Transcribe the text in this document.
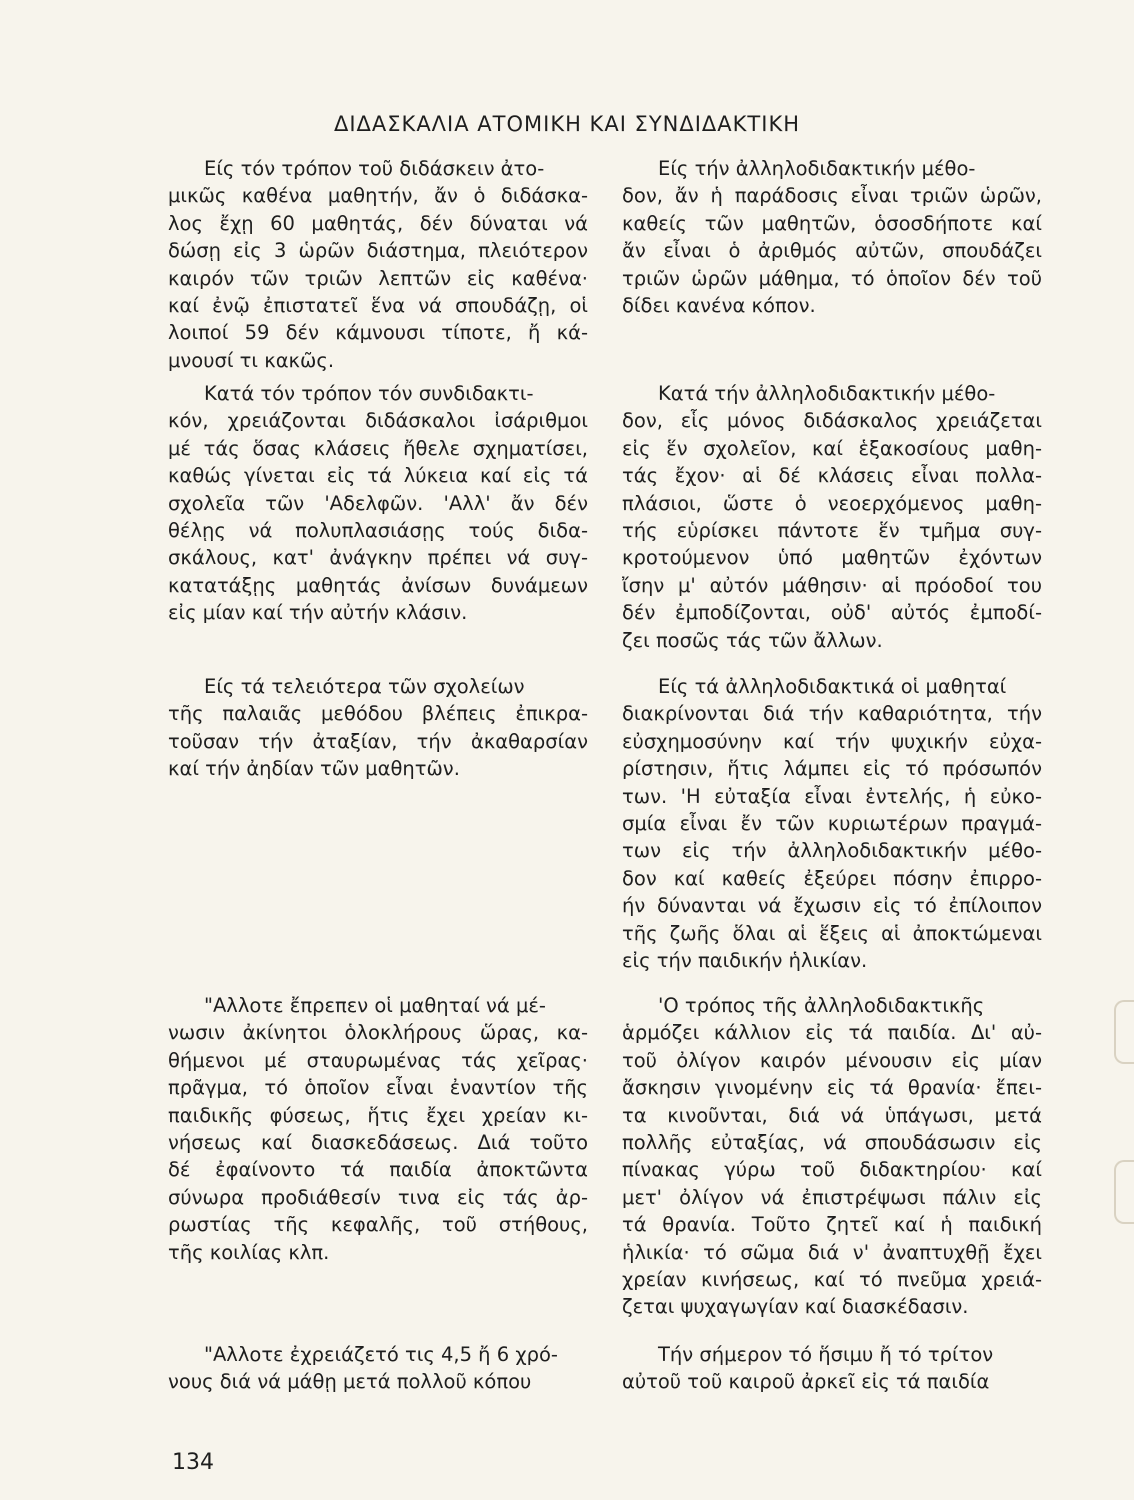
ΔΙΔΑΣΚΑΛΙΑ ΑΤΟΜΙΚΗ ΚΑΙ ΣΥΝΔΙΔΑΚΤΙΚΗ
Είς τόν τρόπον τοῦ διδάσκειν ἀτο-
μικῶς καθένα μαθητήν, ἄν ὁ διδάσκα-
λος ἔχῃ 60 μαθητάς, δέν δύναται νά
δώσῃ εἰς 3 ὡρῶν διάστημα, πλειότερον
καιρόν τῶν τριῶν λεπτῶν εἰς καθένα·
καί ἐνῷ ἐπιστατεῖ ἕνα νά σπουδάζῃ, οἱ
λοιποί 59 δέν κάμνουσι τίποτε, ἤ κά-
μνουσί τι κακῶς.
Κατά τόν τρόπον τόν συνδιδακτι-
κόν, χρειάζονται διδάσκαλοι ἰσάριθμοι
μέ τάς ὅσας κλάσεις ἤθελε σχηματίσει,
καθώς γίνεται εἰς τά λύκεια καί εἰς τά
σχολεῖα τῶν 'Αδελφῶν. 'Αλλ' ἄν δέν
θέλῃς νά πολυπλασιάσῃς τούς διδα-
σκάλους, κατ' ἀνάγκην πρέπει νά συγ-
κατατάξῃς μαθητάς ἀνίσων δυνάμεων
εἰς μίαν καί τήν αὐτήν κλάσιν.
Είς τά τελειότερα τῶν σχολείων
τῆς παλαιᾶς μεθόδου βλέπεις ἐπικρα-
τοῦσαν τήν ἀταξίαν, τήν ἀκαθαρσίαν
καί τήν ἀηδίαν τῶν μαθητῶν.
"Αλλοτε ἔπρεπεν οἱ μαθηταί νά μέ-
νωσιν ἀκίνητοι ὁλοκλήρους ὥρας, κα-
θήμενοι μέ σταυρωμένας τάς χεῖρας·
πρᾶγμα, τό ὁποῖον εἶναι ἐναντίον τῆς
παιδικῆς φύσεως, ἥτις ἔχει χρείαν κι-
νήσεως καί διασκεδάσεως. Διά τοῦτο
δέ ἐφαίνοντο τά παιδία ἀποκτῶντα
σύνωρα προδιάθεσίν τινα εἰς τάς ἀρ-
ρωστίας τῆς κεφαλῆς, τοῦ στήθους,
τῆς κοιλίας κλπ.
"Αλλοτε ἐχρειάζετό τις 4,5 ἤ 6 χρό-
νους διά νά μάθῃ μετά πολλοῦ κόπου
Είς τήν ἀλληλοδιδακτικήν μέθο-
δον, ἄν ἡ παράδοσις εἶναι τριῶν ὡρῶν,
καθείς τῶν μαθητῶν, ὁσοσδήποτε καί
ἄν εἶναι ὁ ἀριθμός αὐτῶν, σπουδάζει
τριῶν ὡρῶν μάθημα, τό ὁποῖον δέν τοῦ
δίδει κανένα κόπον.
Κατά τήν ἀλληλοδιδακτικήν μέθο-
δον, εἷς μόνος διδάσκαλος χρειάζεται
εἰς ἕν σχολεῖον, καί ἑξακοσίους μαθη-
τάς ἔχον· αἱ δέ κλάσεις εἶναι πολλα-
πλάσιοι, ὥστε ὁ νεοερχόμενος μαθη-
τής εὑρίσκει πάντοτε ἕν τμῆμα συγ-
κροτούμενον ὑπό μαθητῶν ἐχόντων
ἴσην μ' αὐτόν μάθησιν· αἱ πρόοδοί του
δέν ἐμποδίζονται, οὐδ' αὐτός ἐμποδί-
ζει ποσῶς τάς τῶν ἄλλων.
Είς τά ἀλληλοδιδακτικά οἱ μαθηταί
διακρίνονται διά τήν καθαριότητα, τήν
εὐσχημοσύνην καί τήν ψυχικήν εὐχα-
ρίστησιν, ἥτις λάμπει εἰς τό πρόσωπόν
των. 'Η εὐταξία εἶναι ἐντελής, ἡ εὐκο-
σμία εἶναι ἔν τῶν κυριωτέρων πραγμά-
των εἰς τήν ἀλληλοδιδακτικήν μέθο-
δον καί καθείς ἐξεύρει πόσην ἐπιρρο-
ήν δύνανται νά ἔχωσιν εἰς τό ἐπίλοιπον
τῆς ζωῆς ὅλαι αἱ ἕξεις αἱ ἀποκτώμεναι
εἰς τήν παιδικήν ἡλικίαν.
'Ο τρόπος τῆς ἀλληλοδιδακτικῆς
ἁρμόζει κάλλιον εἰς τά παιδία. Δι' αὐ-
τοῦ ὀλίγον καιρόν μένουσιν εἰς μίαν
ἄσκησιν γινομένην εἰς τά θρανία· ἔπει-
τα κινοῦνται, διά νά ὑπάγωσι, μετά
πολλῆς εὐταξίας, νά σπουδάσωσιν εἰς
πίνακας γύρω τοῦ διδακτηρίου· καί
μετ' ὀλίγον νά ἐπιστρέψωσι πάλιν εἰς
τά θρανία. Τοῦτο ζητεῖ καί ἡ παιδική
ἡλικία· τό σῶμα διά ν' ἀναπτυχθῇ ἔχει
χρείαν κινήσεως, καί τό πνεῦμα χρειά-
ζεται ψυχαγωγίαν καί διασκέδασιν.
Τήν σήμερον τό ἥσιμυ ἤ τό τρίτον
αὐτοῦ τοῦ καιροῦ ἀρκεῖ εἰς τά παιδία
134
